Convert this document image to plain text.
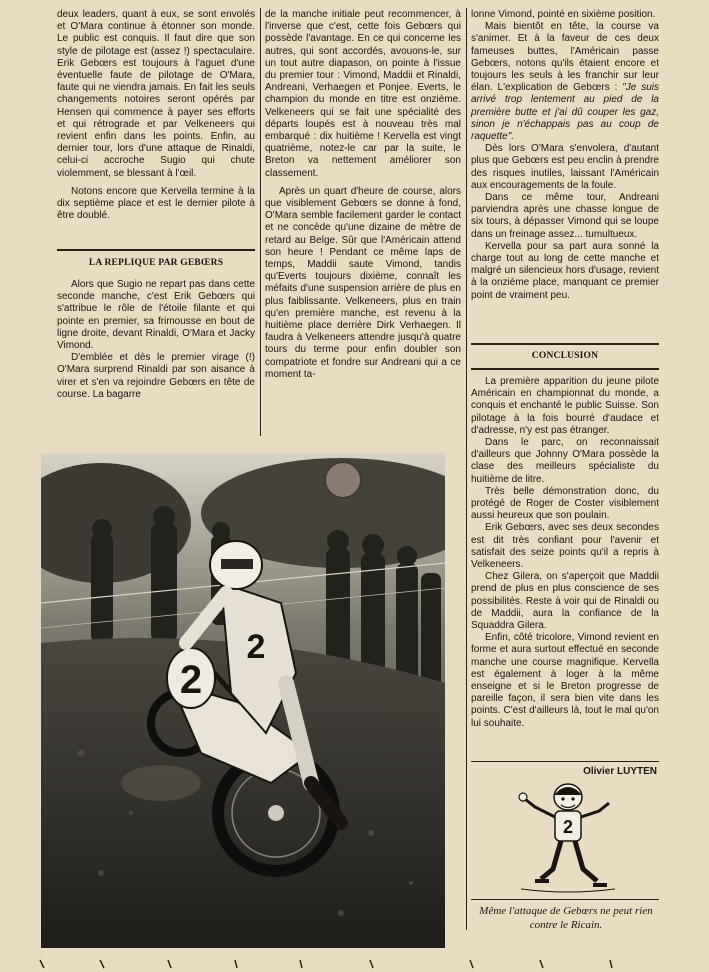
deux leaders, quant à eux, se sont envolés et O'Mara continue à étonner son monde. Le public est conquis. Il faut dire que son style de pilotage est (assez !) spectaculaire. Erik Gebœrs est toujours à l'aguet d'une éventuelle faute de pilotage de O'Mara, faute qui ne viendra jamais. En fait les seuls changements notoires seront opérés par Hensen qui commence à payer ses efforts et qui rétrograde et par Velkeneers qui revient enfin dans les points. Enfin, au dernier tour, lors d'une attaque de Rinaldi, celui-ci accroche Sugio qui chute violemment, se blessant à l'œil.

Notons encore que Kervella termine à la dix septième place et est le dernier pilote à être doublé.

LA REPLIQUE PAR GEBŒRS

Alors que Sugio ne repart pas dans cette seconde manche, c'est Erik Gebœrs qui s'attribue le rôle de l'étoile filante et qui pointe en premier, sa frimousse en bout de ligne droite, devant Rinaldi, O'Mara et Jacky Vimond.

D'emblée et dès le premier virage (!) O'Mara surprend Rinaldi par son aisance à virer et s'en va rejoindre Gebœrs en tête de course. La bagarre

de la manche initiale peut recommencer, à l'inverse que c'est, cette fois Gebœrs qui possède l'avantage. En ce qui concerne les autres, qui sont accordés, avouons-le, sur un tout autre diapason, on pointe à l'issue du premier tour : Vimond, Maddii et Rinaldi, Andreani, Verhaegen et Ponjee. Everts, le champion du monde en titre est onzième. Velkeneers qui se fait une spécialité des départs loupés est à nouveau très mal embarqué : dix huitième ! Kervella est vingt quatrième, notez-le car par la suite, le Breton va nettement améliorer son classement.

Après un quart d'heure de course, alors que visiblement Gebœrs se donne à fond, O'Mara semble facilement garder le contact et ne concède qu'une dizaine de mètre de retard au Belge. Sûr que l'Américain attend son heure ! Pendant ce même laps de temps, Maddii saute Vimond, tandis qu'Everts toujours dixième, connaît les méfaits d'une suspension arrière de plus en plus faiblissante. Velkeneers, plus en train qu'en première manche, est revenu à la huitième place derrière Dirk Verhaegen. Il faudra à Velkeneers attendre jusqu'à quatre tours du terme pour enfin doubler son compatriote et fondre sur Andreani qui a ce moment ta-

lonne Vimond, pointé en sixième position.

Mais bientôt en tête, la course va s'animer. Et à la faveur de ces deux fameuses buttes, l'Américain passe Gebœrs, notons qu'ils étaient encore et toujours les seuls à les franchir sur leur élan. L'explication de Gebœrs : "Je suis arrivé trop lentement au pied de la première butte et j'ai dû couper les gaz, sinon je n'échappais pas au coup de raquette".

Dès lors O'Mara s'envolera, d'autant plus que Gebœrs est peu enclin à prendre des risques inutiles, laissant l'Américain aux encouragements de la foule.

Dans ce même tour, Andreani parviendra après une chasse longue de six tours, à dépasser Vimond qui se loupe dans un freinage assez... tumultueux.

Kervella pour sa part aura sonné la charge tout au long de cette manche et malgré un silencieux hors d'usage, revient à la onzième place, manquant ce premier point de vraiment peu.

CONCLUSION

La première apparition du jeune pilote Américain en championnat du monde, a conquis et enchanté le public Suisse. Son pilotage à la fois bourré d'audace et d'adresse, n'y est pas étranger.

Dans le parc, on reconnaissait d'ailleurs que Johnny O'Mara possède la clase des meilleurs spécialiste du huitième de litre.

Très belle démonstration donc, du protégé de Roger de Coster visiblement aussi heureux que son poulain.

Erik Gebœrs, avec ses deux secondes est dit très confiant pour l'avenir et satisfait des seize points qu'il a repris à Velkeneers.

Chez Gilera, on s'aperçoit que Maddii prend de plus en plus conscience de ses possibilités. Reste à voir qui de Rinaldi ou de Maddii, aura la confiance de la Squaddra Gilera.

Enfin, côté tricolore, Vimond revient en forme et aura surtout effectué en seconde manche une course magnifique. Kervella est également à loger à la même enseigne et si le Breton progresse de pareille façon, il sera bien vite dans les points. C'est d'ailleurs là, tout le mal qu'on lui souhaite.

Olivier LUYTEN
2
Même l'attaque de Gebœrs ne peut rien contre le Ricain.
2
2
